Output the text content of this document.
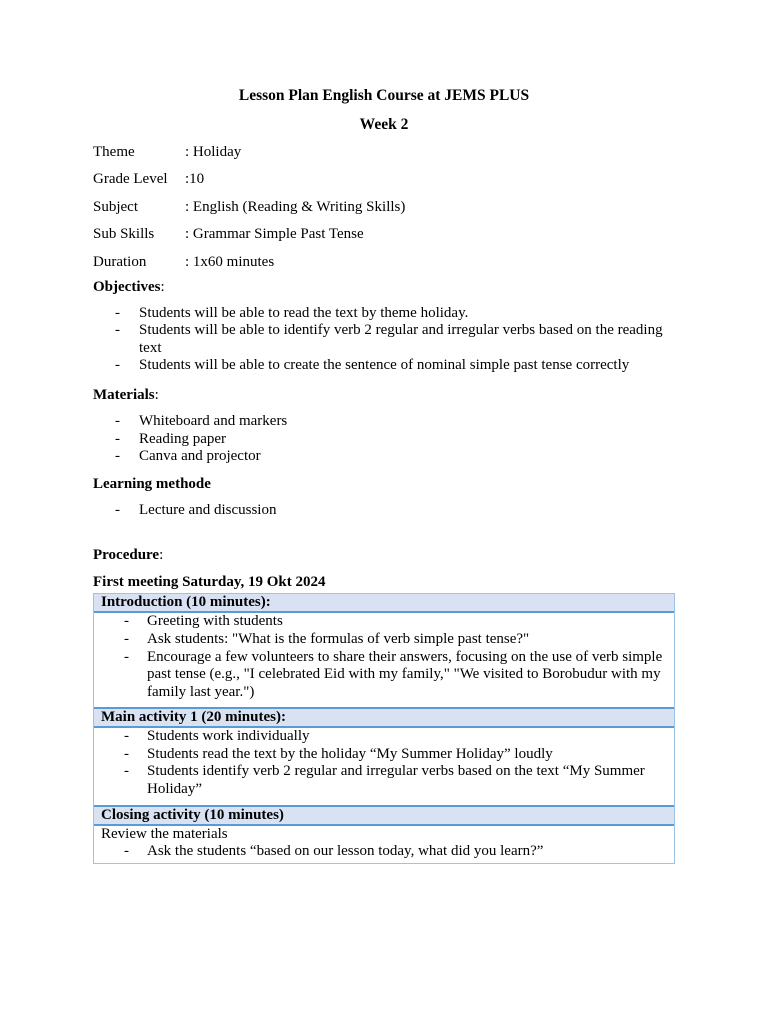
Lesson Plan English Course at JEMS PLUS

Week 2

Theme	: Holiday
Grade Level	:10
Subject	: English (Reading & Writing Skills)
Sub Skills	: Grammar Simple Past Tense
Duration	: 1x60 minutes
Objectives:
- Students will be able to read the text by theme holiday.
- Students will be able to identify verb 2 regular and irregular verbs based on the reading text
- Students will be able to create the sentence of nominal simple past tense correctly
Materials:
- Whiteboard and markers
- Reading paper
- Canva and projector
Learning methode
- Lecture and discussion
Procedure:
First meeting Saturday, 19 Okt 2024
Introduction (10 minutes):
- Greeting with students
- Ask students: "What is the formulas of verb simple past tense?"
- Encourage a few volunteers to share their answers, focusing on the use of verb simple past tense (e.g., "I celebrated Eid with my family," "We visited to Borobudur with my family last year.")
Main activity 1 (20 minutes):
- Students work individually
- Students read the text by the holiday “My Summer Holiday” loudly
- Students identify verb 2 regular and irregular verbs based on the text “My Summer Holiday”
Closing activity (10 minutes)
Review the materials
- Ask the students “based on our lesson today, what did you learn?”
